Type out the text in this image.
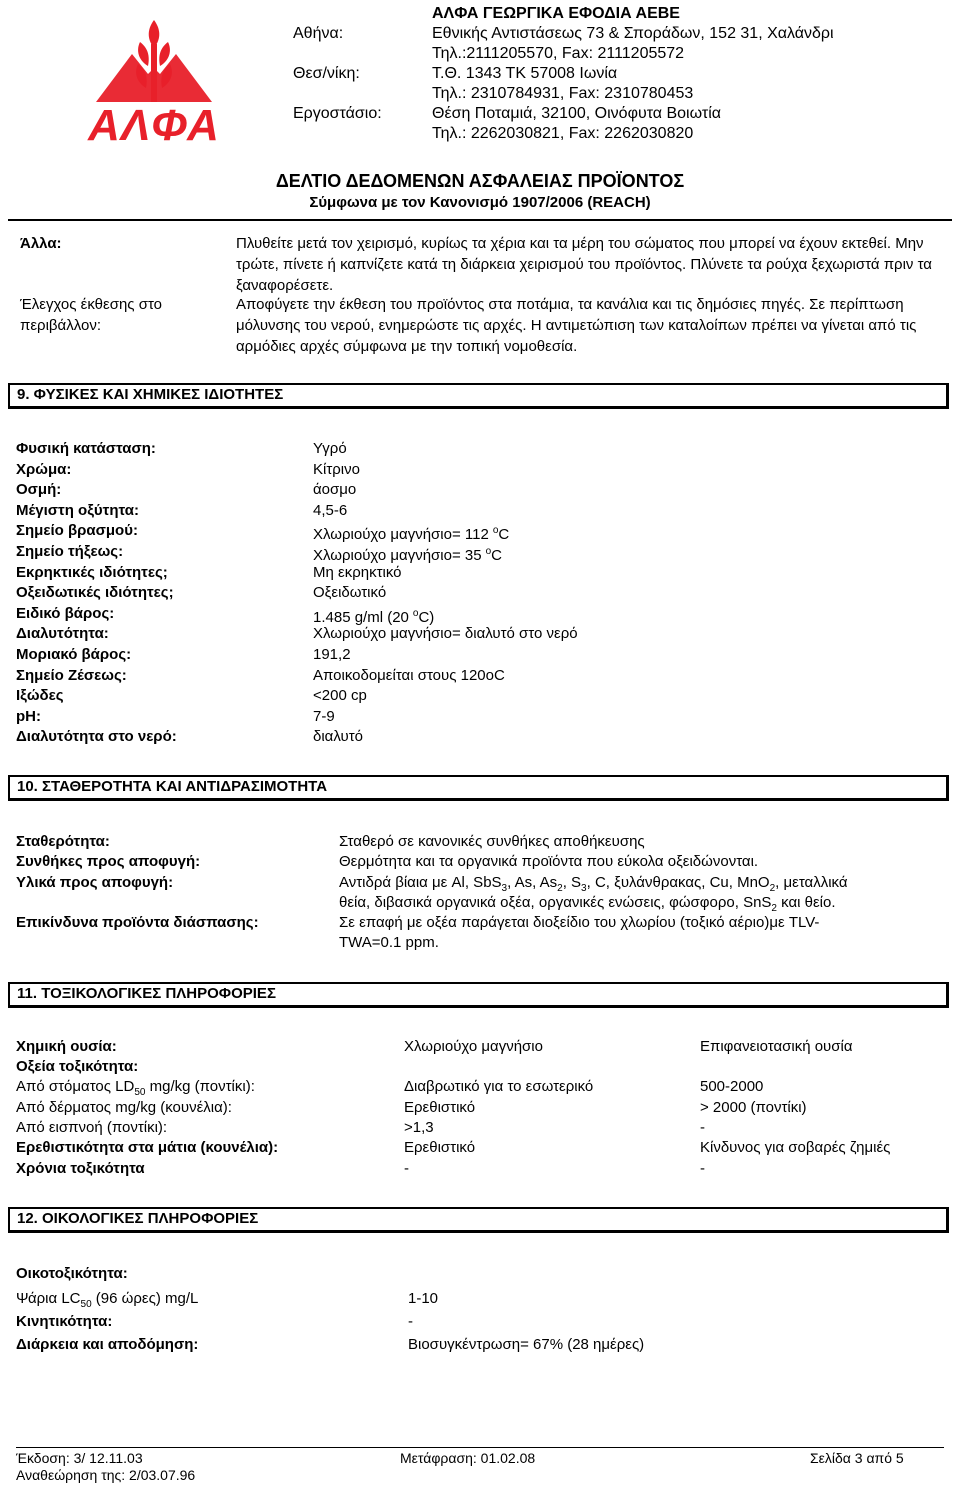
ΑΛΦΑ
ΑΛΦΑ ΓΕΩΡΓΙΚΑ ΕΦΟΔΙΑ ΑΕΒΕ
Αθήνα:	Εθνικής Αντιστάσεως 73 & Σποράδων, 152 31, Χαλάνδρι
Τηλ.:2111205570, Fax: 2111205572
Θεσ/νίκη:	Τ.Θ. 1343 ΤΚ 57008 Ιωνία
Τηλ.: 2310784931, Fax: 2310780453
Εργοστάσιο:	Θέση Ποταμιά, 32100, Οινόφυτα Βοιωτία
Τηλ.: 2262030821, Fax: 2262030820
ΔΕΛΤΙΟ ΔΕΔΟΜΕΝΩΝ ΑΣΦΑΛΕΙΑΣ ΠΡΟΪΟΝΤΟΣ
Σύμφωνα με τον Κανονισμό 1907/2006 (REACH)
Άλλα:	Πλυθείτε μετά τον χειρισμό, κυρίως τα χέρια και τα μέρη του σώματος που μπορεί να έχουν εκτεθεί. Μην τρώτε, πίνετε ή καπνίζετε κατά τη διάρκεια χειρισμού του προϊόντος. Πλύνετε τα ρούχα ξεχωριστά πριν τα ξαναφορέσετε.
Έλεγχος έκθεσης στο
περιβάλλον:
Αποφύγετε την έκθεση του προϊόντος στα ποτάμια, τα κανάλια και τις δημόσιες πηγές. Σε περίπτωση μόλυνσης του νερού, ενημερώστε τις αρχές. Η αντιμετώπιση των καταλοίπων πρέπει να γίνεται από τις αρμόδιες αρχές σύμφωνα με την τοπική νομοθεσία.
9. ΦΥΣΙΚΕΣ ΚΑΙ ΧΗΜΙΚΕΣ ΙΔΙΟΤΗΤΕΣ
Φυσική κατάσταση:	Υγρό
Χρώμα:	Κίτρινο
Οσμή:	άοσμο
Μέγιστη οξύτητα:	4,5-6
Σημείο βρασμού:	Χλωριούχο μαγνήσιο= 112 $^o$C
Σημείο τήξεως:	Χλωριούχο μαγνήσιο= 35 $^o$C
Εκρηκτικές ιδιότητες;	Μη εκρηκτικό
Οξειδωτικές ιδιότητες;	Οξειδωτικό
Ειδικό βάρος:	1.485 g/ml (20 $^o$C)
Διαλυτότητα:	Χλωριούχο μαγνήσιο= διαλυτό στο νερό
Μοριακό βάρος:	191,2
Σημείο Ζέσεως:	Αποικοδομείται στους 120oC
Ιξώδες	<200 cp
pH:	7-9
Διαλυτότητα στο νερό:	διαλυτό
10. ΣΤΑΘΕΡΟΤΗΤΑ ΚΑΙ ΑΝΤΙΔΡΑΣΙΜΟΤΗΤΑ
Σταθερότητα:	Σταθερό σε κανονικές συνθήκες αποθήκευσης
Συνθήκες προς αποφυγή:	Θερμότητα και τα οργανικά προϊόντα που εύκολα οξειδώνονται.
Υλικά προς αποφυγή:	Αντιδρά βίαια με Al, SbS$_3$, As, $As_2$, $S_3$, C, ξυλάνθρακας, Cu, MnO$_2$, μεταλλικά
θεία, διβασικά οργανικά οξέα, οργανικές ενώσεις, φώσφορο, SnS$_2$ και θείο.
Επικίνδυνα προϊόντα διάσπασης:	Σε επαφή με οξέα παράγεται διοξείδιο του χλωρίου (τοξικό αέριο)με TLV-
TWA=0.1 ppm.
11. ΤΟΞΙΚΟΛΟΓΙΚΕΣ ΠΛΗΡΟΦΟΡΙΕΣ
Χημική ουσία:	Χλωριούχο μαγνήσιο	Επιφανειοτασική ουσία
Οξεία τοξικότητα:
Από στόματος $LD_{50}$ mg/kg (ποντίκι):	Διαβρωτικό για το εσωτερικό	500-2000
Από δέρματος mg/kg (κουνέλια):	Ερεθιστικό	> 2000 (ποντίκι)
Από εισπνοή (ποντίκι):	>1,3	-
Ερεθιστικότητα στα μάτια (κουνέλια):	Ερεθιστικό	Κίνδυνος για σοβαρές ζημιές
Χρόνια τοξικότητα	-	-
12. ΟΙΚΟΛΟΓΙΚΕΣ ΠΛΗΡΟΦΟΡΙΕΣ
Οικοτοξικότητα:
Ψάρια $LC_{50}$ (96 ώρες) mg/L	1-10
Κινητικότητα:	-
Διάρκεια και αποδόμηση:	Βιοσυγκέντρωση= 67% (28 ημέρες)
Έκδοση: 3/ 12.11.03	Μετάφραση: 01.02.08	Σελίδα 3 από 5
Αναθεώρηση της: 2/03.07.96
